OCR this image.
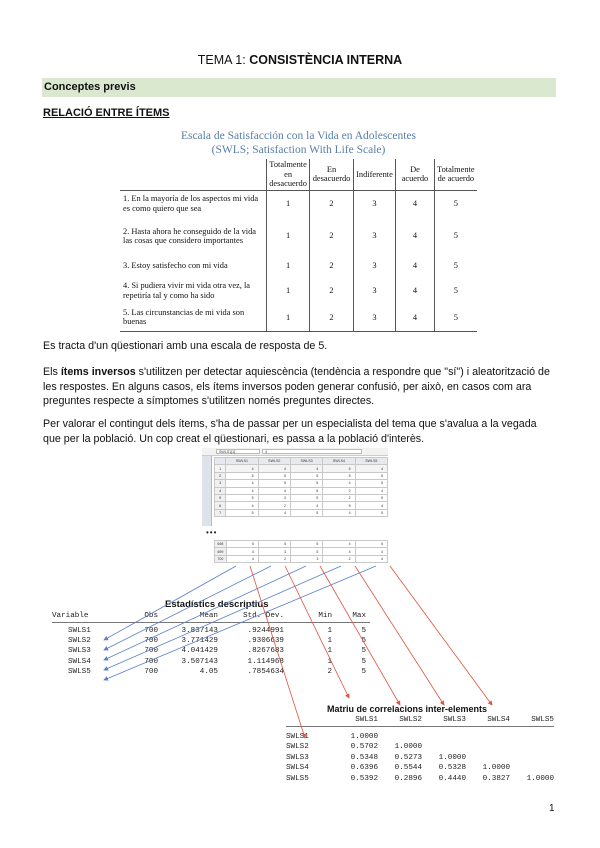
TEMA 1: CONSISTÈNCIA INTERNA
Conceptes previs
RELACIÓ ENTRE ÍTEMS
Escala de Satisfacción con la Vida en Adolescentes
(SWLS; Satisfaction With Life Scale)
	Totalmente en desacuerdo	En desacuerdo	Indiferente	De acuerdo	Totalmente de acuerdo
1. En la mayoría de los aspectos mi vida es como quiero que sea	1	2	3	4	5
2. Hasta ahora he conseguido de la vida las cosas que considero importantes	1	2	3	4	5
3. Estoy satisfecho con mi vida	1	2	3	4	5
4. Si pudiera vivir mi vida otra vez, la repetiría tal y como ha sido	1	2	3	4	5
5. Las circunstancias de mi vida son buenas	1	2	3	4	5
Es tracta d'un qüestionari amb una escala de resposta de 5.
Els ítems inversos s'utilitzen per detectar aquiescència (tendència a respondre que "sí") i aleatorització de les respostes. En alguns casos, els ítems inversos poden generar confusió, per això, en casos com ara preguntes respecte a símptomes s'utilitzen només preguntes directes.
Per valorar el contingut dels ítems, s'ha de passar per un especialista del tema que s'avalua a la vegada que per la població. Un cop creat el qüestionari, es passa a la població d'interès.
SWLS1[1]	4
	SWLS1	SWLS2	SWLS3	SWLS4	SWLS5
1	4	4	4	5	4
2	5	5	5	5	5
3	4	5	5	4	5
4	4	4	5	2	4
5	5	3	5	2	5
6	4	2	4	5	4
7	5	4	5	4	5
•••
698	5	5	5	4	5
699	4	3	5	4	4
700	4	2	3	2	4
Estadístics descriptius
Variable	Obs	Mean	Std. Dev.	Min	Max
SWLS1	700	3.837143	.9244991	1	5
SWLS2	700	3.771429	.9306639	1	5
SWLS3	700	4.041429	.8267683	1	5
SWLS4	700	3.507143	1.114968	1	5
SWLS5	700	4.05	.7854634	2	5
Matriu de correlacions inter-elements
SWLS1	SWLS2	SWLS3	SWLS4	SWLS5
SWLS1	1.0000
SWLS2	0.5702 1.0000
SWLS3	0.5348 0.5273 1.0000
SWLS4	0.6396 0.5544 0.5328 1.0000
SWLS5	0.5392 0.2896 0.4440 0.3827 1.0000
1
